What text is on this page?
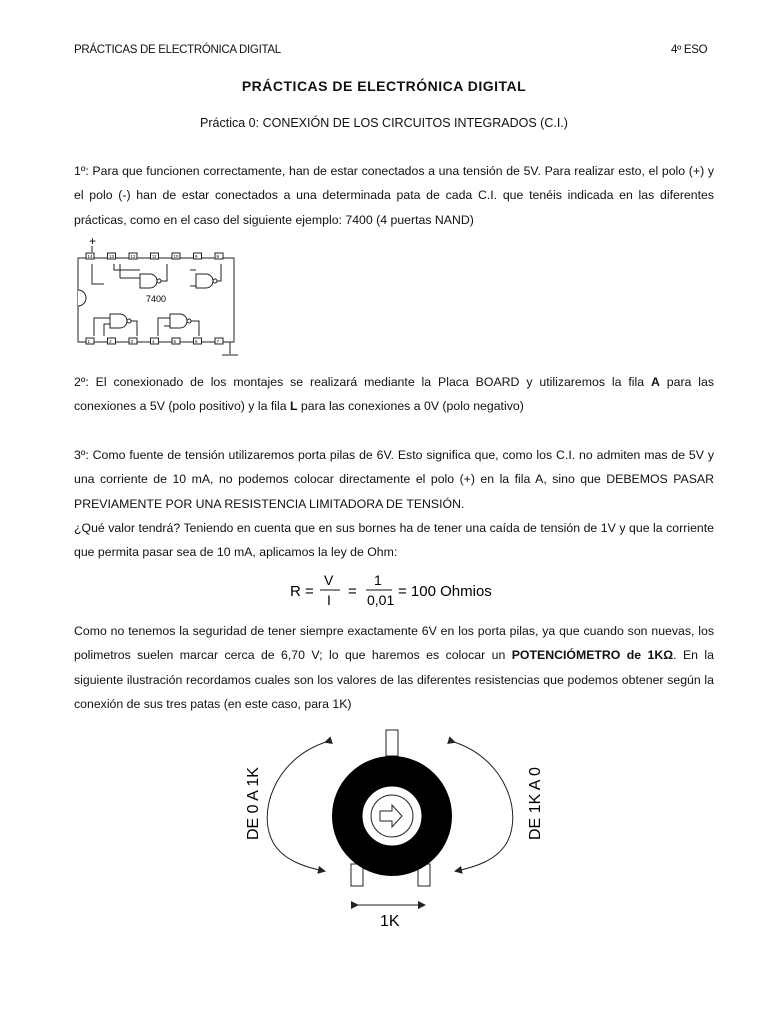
PRÁCTICAS DE ELECTRÓNICA DIGITAL	4º ESO
PRÁCTICAS DE ELECTRÓNICA DIGITAL
Práctica 0: CONEXIÓN DE LOS CIRCUITOS INTEGRADOS (C.I.)
1º: Para que funcionen correctamente, han de estar conectados a una tensión de 5V. Para realizar esto, el polo (+) y el polo (-) han de estar conectados a una determinada pata de cada C.I. que tenéis indicada en las diferentes prácticas, como en el caso del siguiente ejemplo: 7400 (4 puertas NAND)
+
14	13	12	11	10	9	8
1	2	3	4	5	6	7
7400
2º: El conexionado de los montajes se realizará mediante la Placa BOARD y utilizaremos la fila A para las conexiones a 5V (polo positivo) y la fila L para las conexiones a 0V (polo negativo)
3º: Como fuente de tensión utilizaremos porta pilas de 6V. Esto significa que, como los C.I. no admiten mas de 5V y una corriente de 10 mA, no podemos colocar directamente el polo (+) en la fila A, sino que DEBEMOS PASAR PREVIAMENTE POR UNA RESISTENCIA LIMITADORA DE TENSIÓN.
¿Qué valor tendrá? Teniendo en cuenta que en sus bornes ha de tener una caída de tensión de 1V y que la corriente que permita pasar sea de 10 mA, aplicamos la ley de Ohm:
R =
V
I =
1
0,01 = 100 Ohmios
Como no tenemos la seguridad de tener siempre exactamente 6V en los porta pilas, ya que cuando son nuevas, los polimetros suelen marcar cerca de 6,70 V; lo que haremos es colocar un POTENCIÓMETRO de 1KΩ. En la siguiente ilustración recordamos cuales son los valores de las diferentes resistencias que podemos obtener según la conexión de sus tres patas (en este caso, para 1K)
DE 0 A 1K	DE 1K A 0
1K
